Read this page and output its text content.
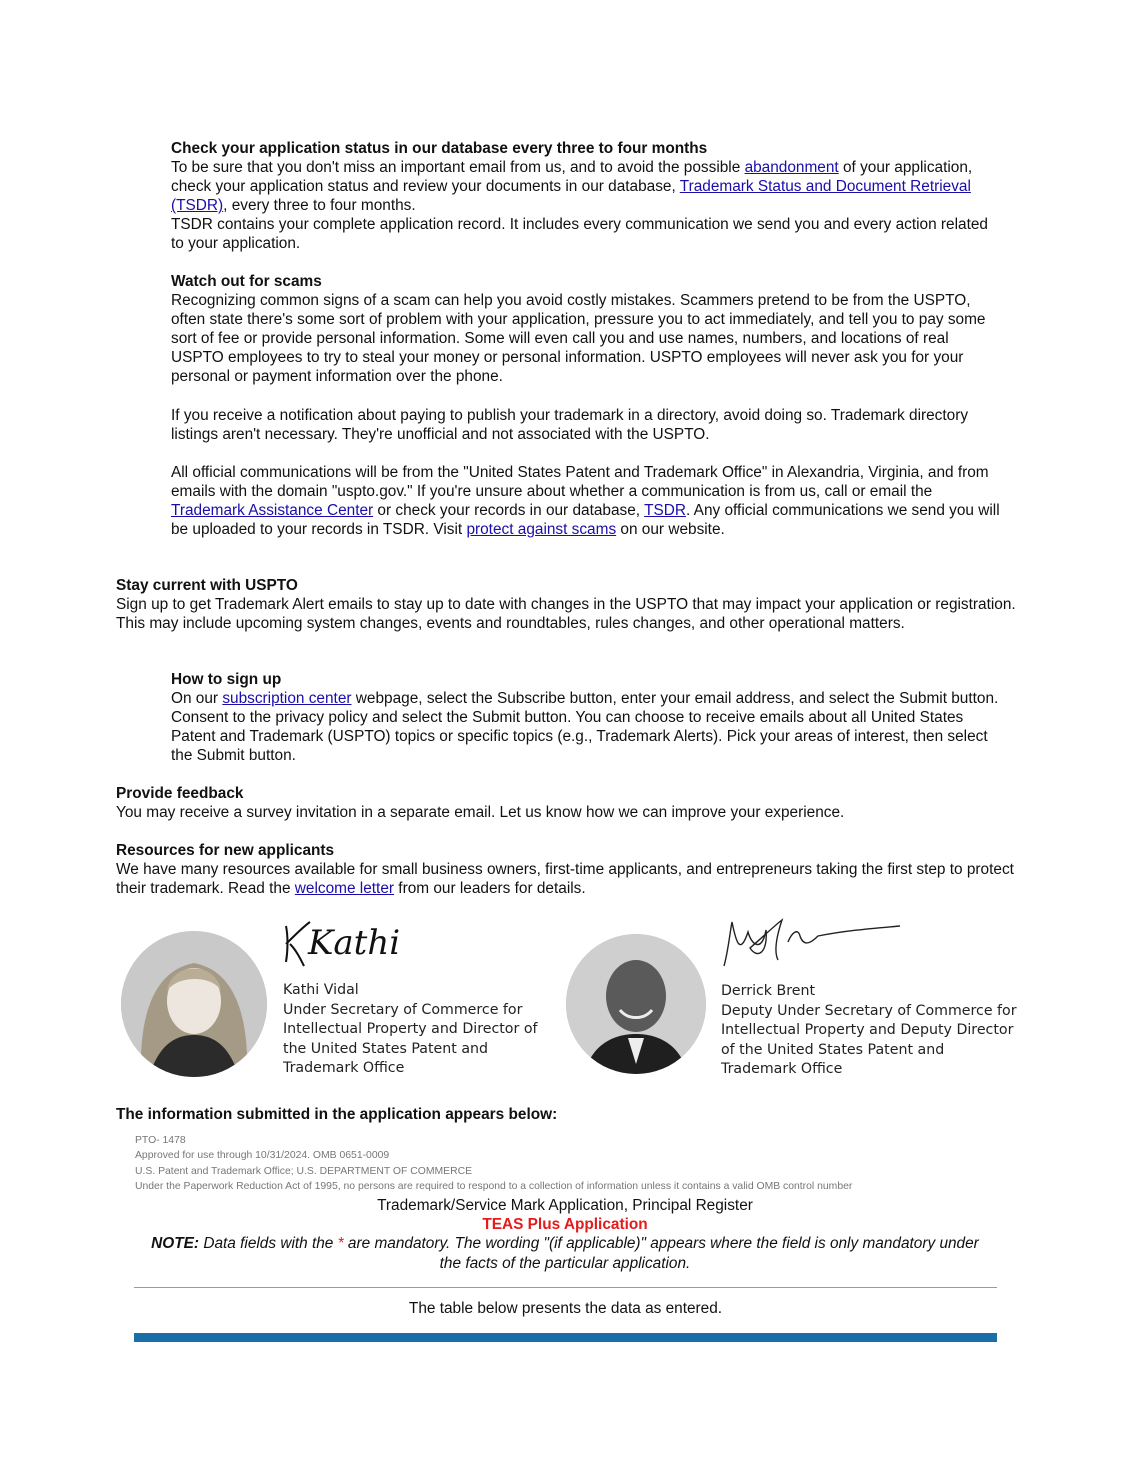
Check your application status in our database every three to four months
To be sure that you don't miss an important email from us, and to avoid the possible abandonment of your application, check your application status and review your documents in our database, Trademark Status and Document Retrieval (TSDR), every three to four months.
TSDR contains your complete application record. It includes every communication we send you and every action related to your application.
Watch out for scams
Recognizing common signs of a scam can help you avoid costly mistakes. Scammers pretend to be from the USPTO, often state there's some sort of problem with your application, pressure you to act immediately, and tell you to pay some sort of fee or provide personal information. Some will even call you and use names, numbers, and locations of real USPTO employees to try to steal your money or personal information. USPTO employees will never ask you for your personal or payment information over the phone.
If you receive a notification about paying to publish your trademark in a directory, avoid doing so. Trademark directory listings aren't necessary. They're unofficial and not associated with the USPTO.
All official communications will be from the "United States Patent and Trademark Office" in Alexandria, Virginia, and from emails with the domain "uspto.gov." If you're unsure about whether a communication is from us, call or email the Trademark Assistance Center or check your records in our database, TSDR. Any official communications we send you will be uploaded to your records in TSDR. Visit protect against scams on our website.
Stay current with USPTO
Sign up to get Trademark Alert emails to stay up to date with changes in the USPTO that may impact your application or registration. This may include upcoming system changes, events and roundtables, rules changes, and other operational matters.
How to sign up
On our subscription center webpage, select the Subscribe button, enter your email address, and select the Submit button. Consent to the privacy policy and select the Submit button. You can choose to receive emails about all United States Patent and Trademark (USPTO) topics or specific topics (e.g., Trademark Alerts). Pick your areas of interest, then select the Submit button.
Provide feedback
You may receive a survey invitation in a separate email. Let us know how we can improve your experience.
Resources for new applicants
We have many resources available for small business owners, first-time applicants, and entrepreneurs taking the first step to protect their trademark. Read the welcome letter from our leaders for details.
Kathi
Kathi Vidal
Under Secretary of Commerce for
Intellectual Property and Director of
the United States Patent and
Trademark Office
Derrick Brent
Deputy Under Secretary of Commerce for
Intellectual Property and Deputy Director
of the United States Patent and
Trademark Office
The information submitted in the application appears below:
PTO- 1478
Approved for use through 10/31/2024. OMB 0651-0009
U.S. Patent and Trademark Office; U.S. DEPARTMENT OF COMMERCE
Under the Paperwork Reduction Act of 1995, no persons are required to respond to a collection of information unless it contains a valid OMB control number
Trademark/Service Mark Application, Principal Register
TEAS Plus Application
NOTE: Data fields with the * are mandatory. The wording "(if applicable)" appears where the field is only mandatory under the facts of the particular application.
The table below presents the data as entered.
